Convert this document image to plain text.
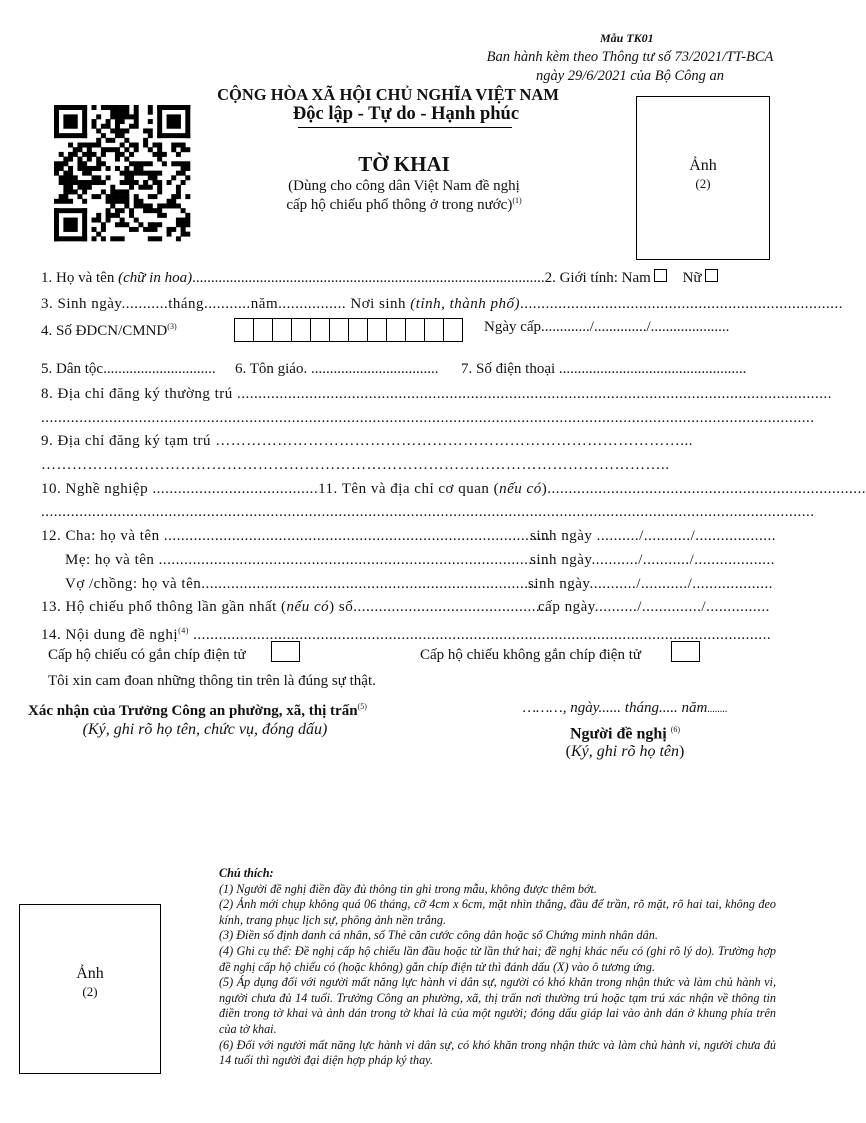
Mẫu TK01
Ban hành kèm theo Thông tư số 73/2021/TT-BCA
ngày 29/6/2021 của Bộ Công an
CỘNG HÒA XÃ HỘI CHỦ NGHĨA VIỆT NAM
Độc lập - Tự do - Hạnh phúc
TỜ KHAI
(Dùng cho công dân Việt Nam đề nghị
cấp hộ chiếu phổ thông ở trong nước)$^{(1)}$
Ảnh
(2)
1. Họ và tên (chữ in hoa)..............................................................................................2. Giới tính: Nam Nữ
3. Sinh ngày...........tháng...........năm................ Nơi sinh (tỉnh, thành phố)............................................................................
4. Số ĐDCN/CMND$^{(3)}$	Ngày cấp............./............../.....................
5. Dân tộc.............................. 6. Tôn giáo. .................................. 7. Số điện thoại ..................................................
8. Địa chỉ đăng ký thường trú ............................................................................................................................................
......................................................................................................................................................................................
9. Địa chỉ đăng ký tạm trú ………………………………………………………………………………...
…………………………………………………………………………………………………………..
10. Nghề nghiệp .......................................11. Tên và địa chỉ cơ quan (nếu có)...........................................................................
......................................................................................................................................................................................
12. Cha: họ và tên ...........................................................................................
sinh ngày ........../.........../...................
Mẹ: họ và tên ............................................................................................
sinh ngày.........../.........../...................
Vợ /chồng: họ và tên...............................................................................
sinh ngày.........../.........../...................
13. Hộ chiếu phổ thông lần gần nhất (nếu có) số..............................................
cấp ngày........../............../...............
14. Nội dung đề nghị$^{(4)}$ ........................................................................................................................................
Cấp hộ chiếu có gắn chíp điện tử	Cấp hộ chiếu không gắn chíp điện tử
Tôi xin cam đoan những thông tin trên là đúng sự thật.
Xác nhận của Trưởng Công an phường, xã, thị trấn$^{(5)}$
(Ký, ghi rõ họ tên, chức vụ, đóng dấu)
………, ngày...... tháng..... năm........
Người đề nghị $^{(6)}$
(Ký, ghi rõ họ tên)
Ảnh
(2)

Chú thích:

(1) Người đề nghị điền đầy đủ thông tin ghi trong mẫu, không được thêm bớt.

(2) Ảnh mới chụp không quá 06 tháng, cỡ 4cm x 6cm, mặt nhìn thẳng, đầu để trần, rõ mặt, rõ hai tai, không đeo kính, trang phục lịch sự, phông ảnh nền trắng.

(3) Điền số định danh cá nhân, số Thẻ căn cước công dân hoặc số Chứng minh nhân dân.

(4) Ghi cụ thể: Đề nghị cấp hộ chiếu lần đầu hoặc từ lần thứ hai; đề nghị khác nếu có (ghi rõ lý do). Trường hợp đề nghị cấp hộ chiếu có (hoặc không) gắn chíp điện tử thì đánh dấu (X) vào ô tương ứng.

(5) Áp dụng đối với người mất năng lực hành vi dân sự, người có khó khăn trong nhận thức và làm chủ hành vi, người chưa đủ 14 tuổi. Trưởng Công an phường, xã, thị trấn nơi thường trú hoặc tạm trú xác nhận về thông tin điền trong tờ khai và ảnh dán trong tờ khai là của một người; đóng dấu giáp lai vào ảnh dán ở khung phía trên của tờ khai.

(6) Đối với người mất năng lực hành vi dân sự, có khó khăn trong nhận thức và làm chủ hành vi, người chưa đủ 14 tuổi thì người đại diện hợp pháp ký thay.
